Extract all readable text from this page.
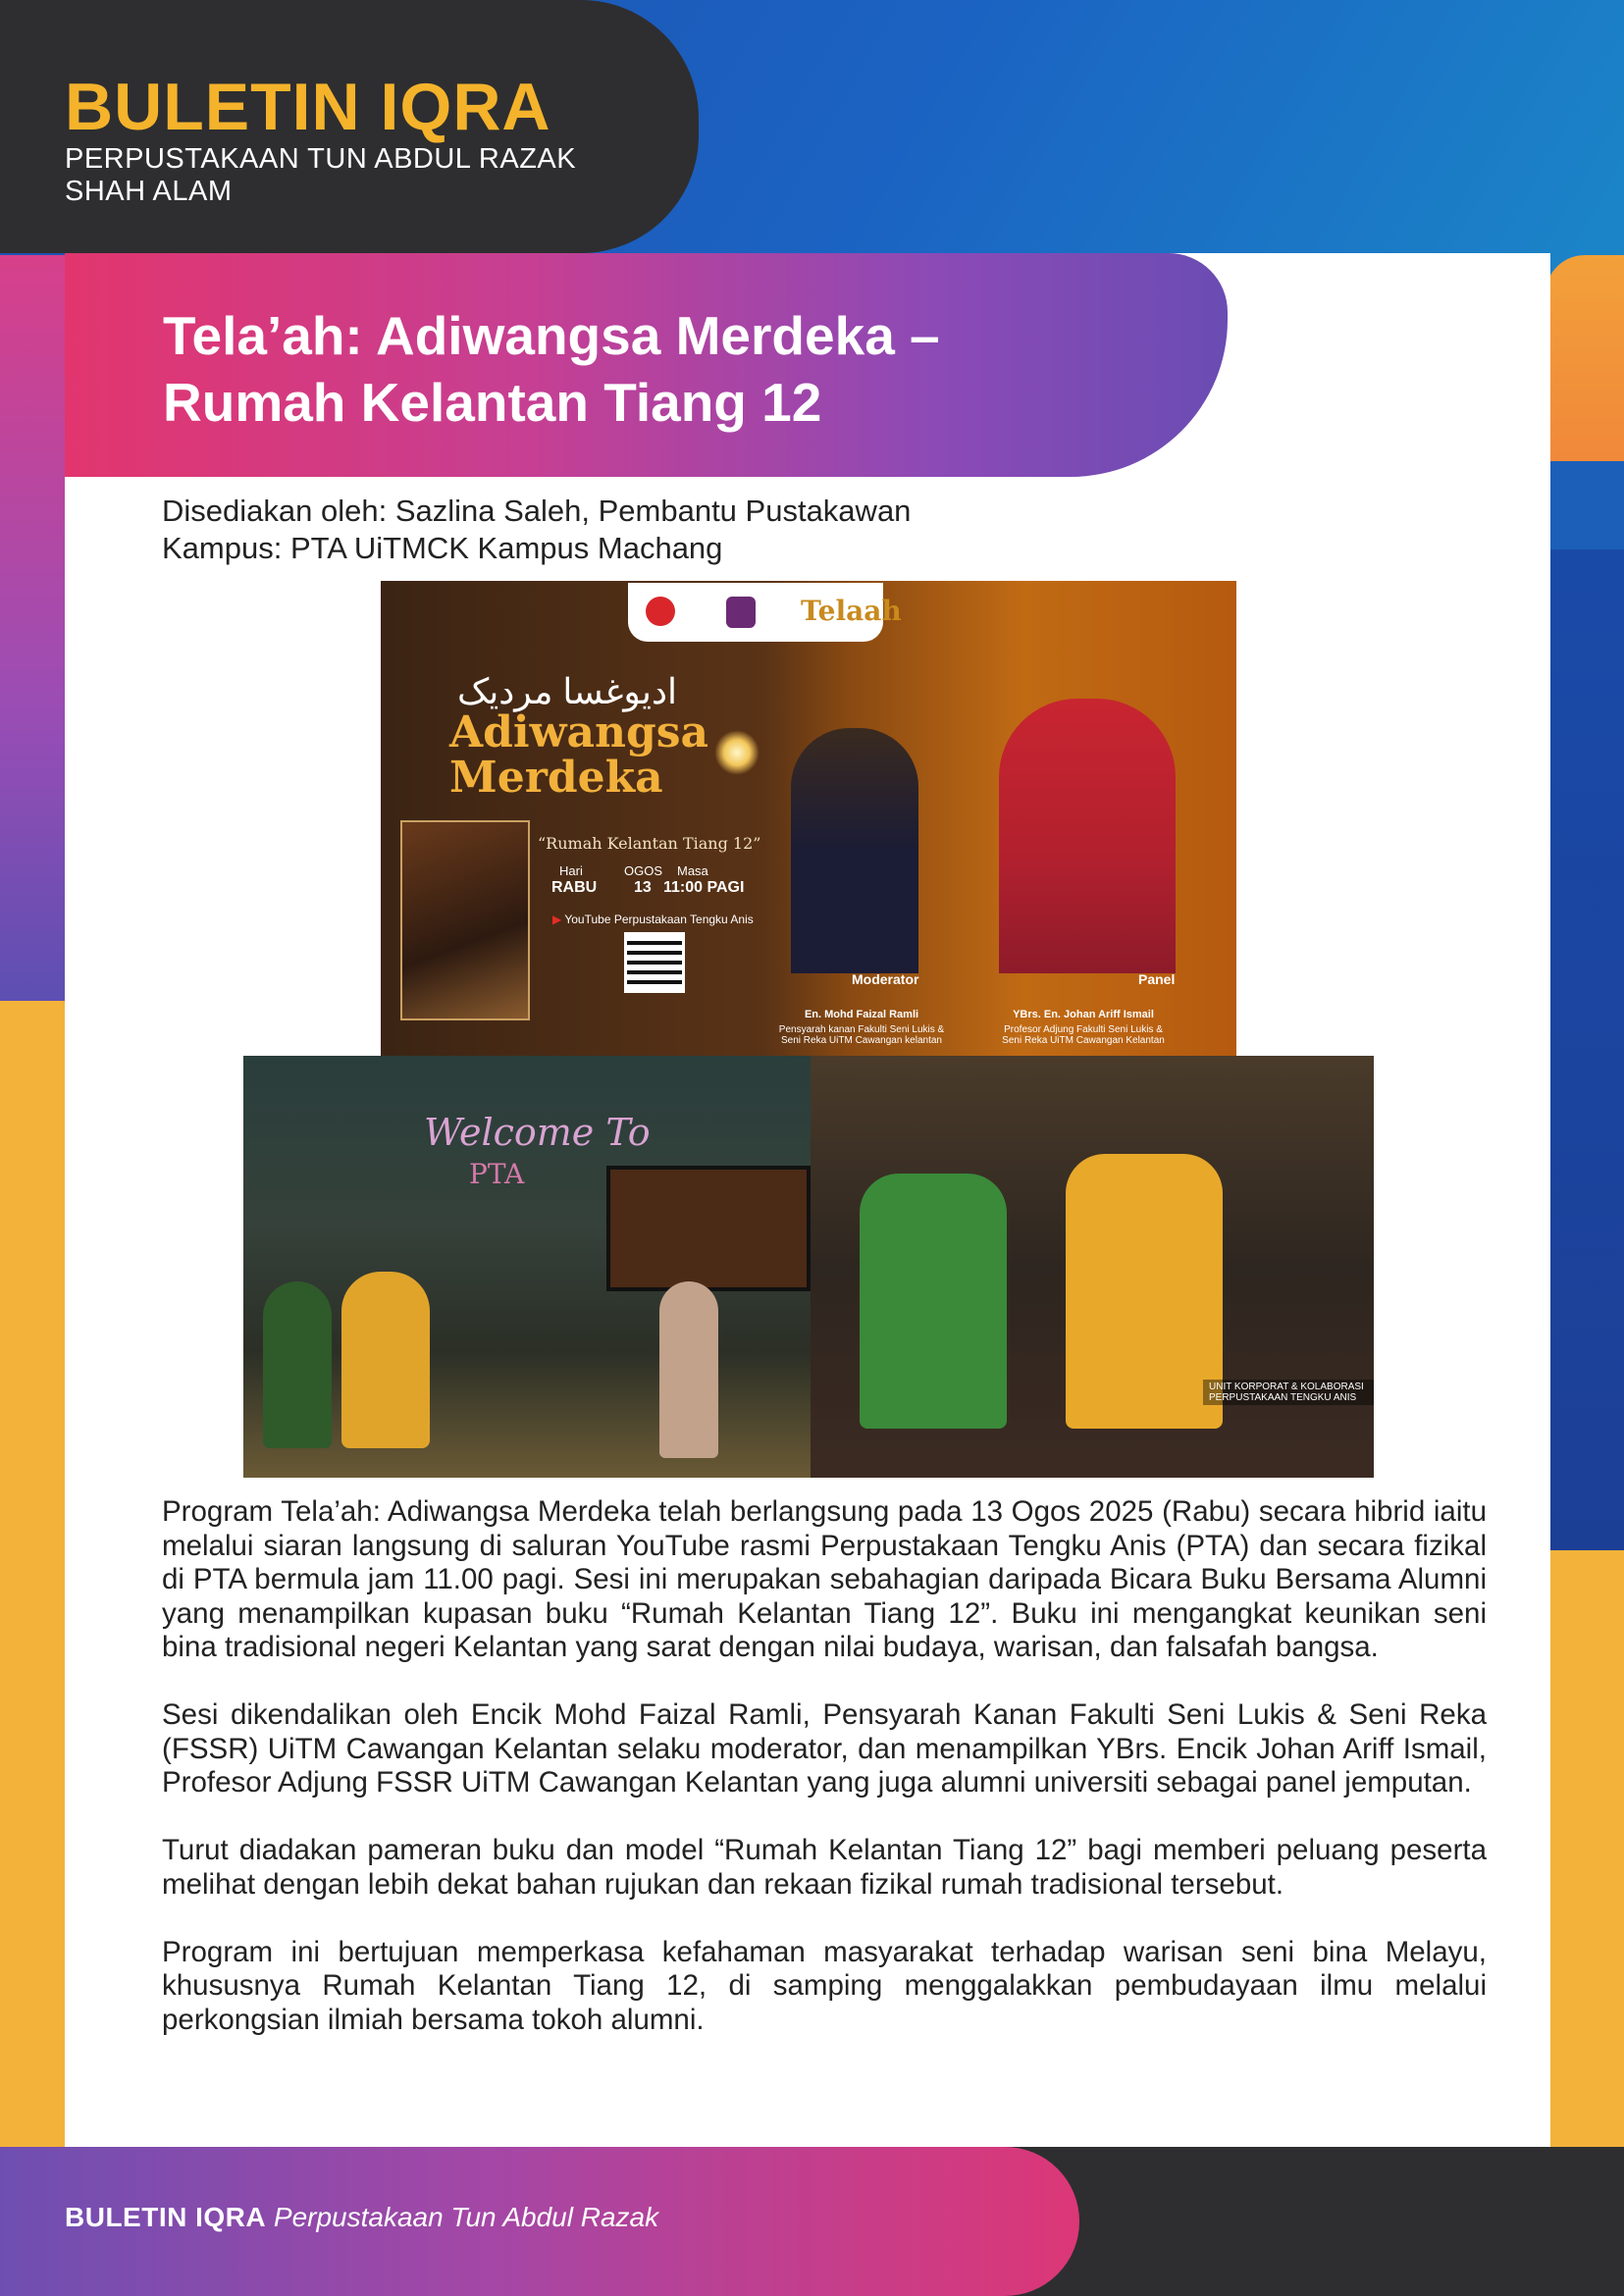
BULETIN IQRA
PERPUSTAKAAN TUN ABDUL RAZAK
SHAH ALAM
Tela’ah: Adiwangsa Merdeka –
Rumah Kelantan Tiang 12
Disediakan oleh: Sazlina Saleh, Pembantu Pustakawan
Kampus: PTA UiTMCK Kampus Machang
Telaah
اديوغسا مرديک
Adiwangsa
Merdeka
“Rumah Kelantan Tiang 12”
Hari	OGOS Masa
RABU 13 11:00 PAGI
▶ YouTube Perpustakaan Tengku Anis
Moderator	Panel
En. Mohd Faizal Ramli
Pensyarah kanan Fakulti Seni Lukis & Seni Reka UiTM Cawangan kelantan
YBrs. En. Johan Ariff Ismail
Profesor Adjung Fakulti Seni Lukis & Seni Reka UiTM Cawangan Kelantan
Welcome To
PTA
UNIT KORPORAT & KOLABORASI PERPUSTAKAAN TENGKU ANIS

Program Tela’ah: Adiwangsa Merdeka telah berlangsung pada 13 Ogos 2025 (Rabu) secara hibrid iaitu melalui siaran langsung di saluran YouTube rasmi Perpustakaan Tengku Anis (PTA) dan secara fizikal di PTA bermula jam 11.00 pagi. Sesi ini merupakan sebahagian daripada Bicara Buku Bersama Alumni yang menampilkan kupasan buku “Rumah Kelantan Tiang 12”. Buku ini mengangkat keunikan seni bina tradisional negeri Kelantan yang sarat dengan nilai budaya, warisan, dan falsafah bangsa.

Sesi dikendalikan oleh Encik Mohd Faizal Ramli, Pensyarah Kanan Fakulti Seni Lukis & Seni Reka (FSSR) UiTM Cawangan Kelantan selaku moderator, dan menampilkan YBrs. Encik Johan Ariff Ismail, Profesor Adjung FSSR UiTM Cawangan Kelantan yang juga alumni universiti sebagai panel jemputan.

Turut diadakan pameran buku dan model “Rumah Kelantan Tiang 12” bagi memberi peluang peserta melihat dengan lebih dekat bahan rujukan dan rekaan fizikal rumah tradisional tersebut.

Program ini bertujuan memperkasa kefahaman masyarakat terhadap warisan seni bina Melayu, khususnya Rumah Kelantan Tiang 12, di samping menggalakkan pembudayaan ilmu melalui perkongsian ilmiah bersama tokoh alumni.

BULETIN IQRA Perpustakaan Tun Abdul Razak
